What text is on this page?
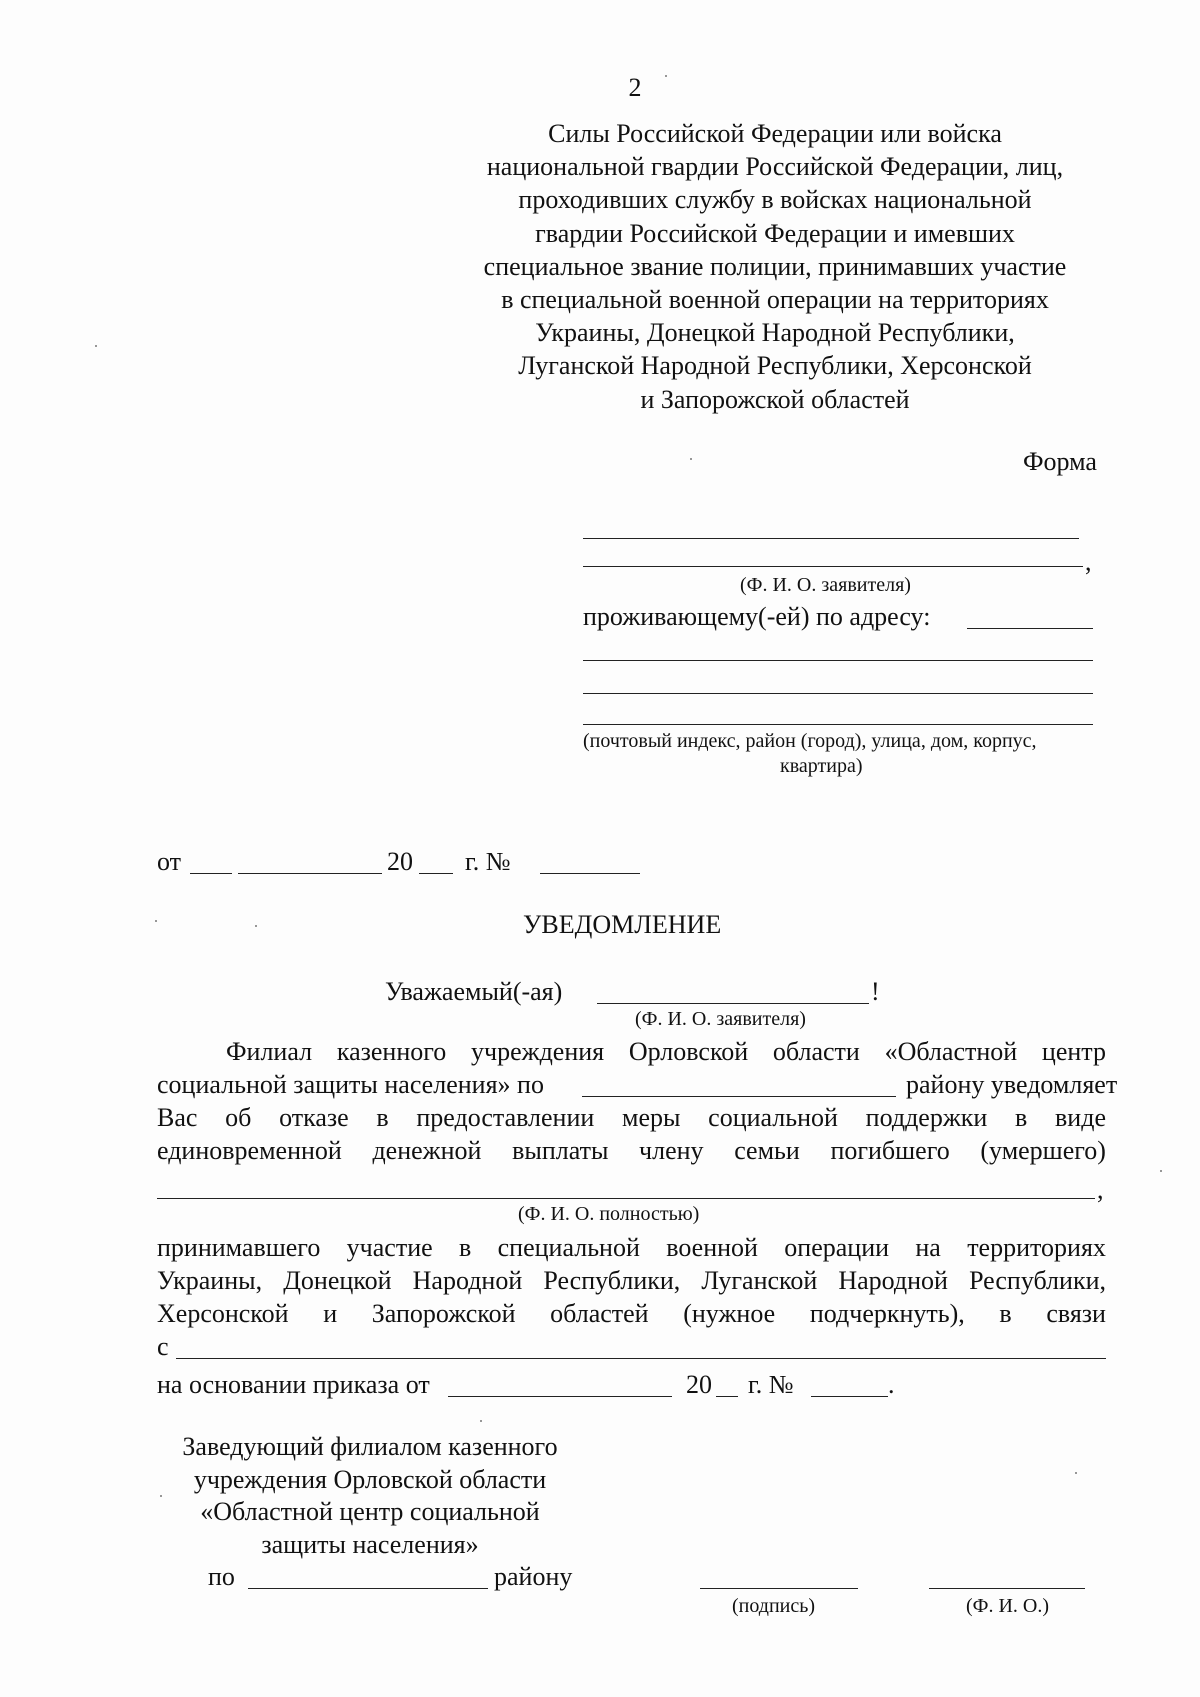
2
Силы Российской Федерации или войска
национальной гвардии Российской Федерации, лиц,
проходивших службу в войсках национальной
гвардии Российской Федерации и имевших
специальное звание полиции, принимавших участие
в специальной военной операции на территориях
Украины, Донецкой Народной Республики,
Луганской Народной Республики, Херсонской
и Запорожской областей
Форма
,
(Ф. И. О. заявителя)
проживающему(-ей) по адресу:
(почтовый индекс, район (город), улица, дом, корпус,
квартира)
от	20 г. №
УВЕДОМЛЕНИЕ
Уважаемый(-ая)	!
(Ф. И. О. заявителя)
Филиал казенного учреждения Орловской области «Областной центр
социальной защиты населения» по	району уведомляет
Вас об отказе в предоставлении меры социальной поддержки в виде
единовременной денежной выплаты члену семьи погибшего (умершего)
,
(Ф. И. О. полностью)
принимавшего участие в специальной военной операции на территориях
Украины, Донецкой Народной Республики, Луганской Народной Республики,
Херсонской и Запорожской областей (нужное подчеркнуть), в связи
с
на основании приказа от	20 г. №	.
Заведующий филиалом казенного
учреждения Орловской области
«Областной центр социальной
защиты населения»
по	району
(подпись)	(Ф. И. О.)
